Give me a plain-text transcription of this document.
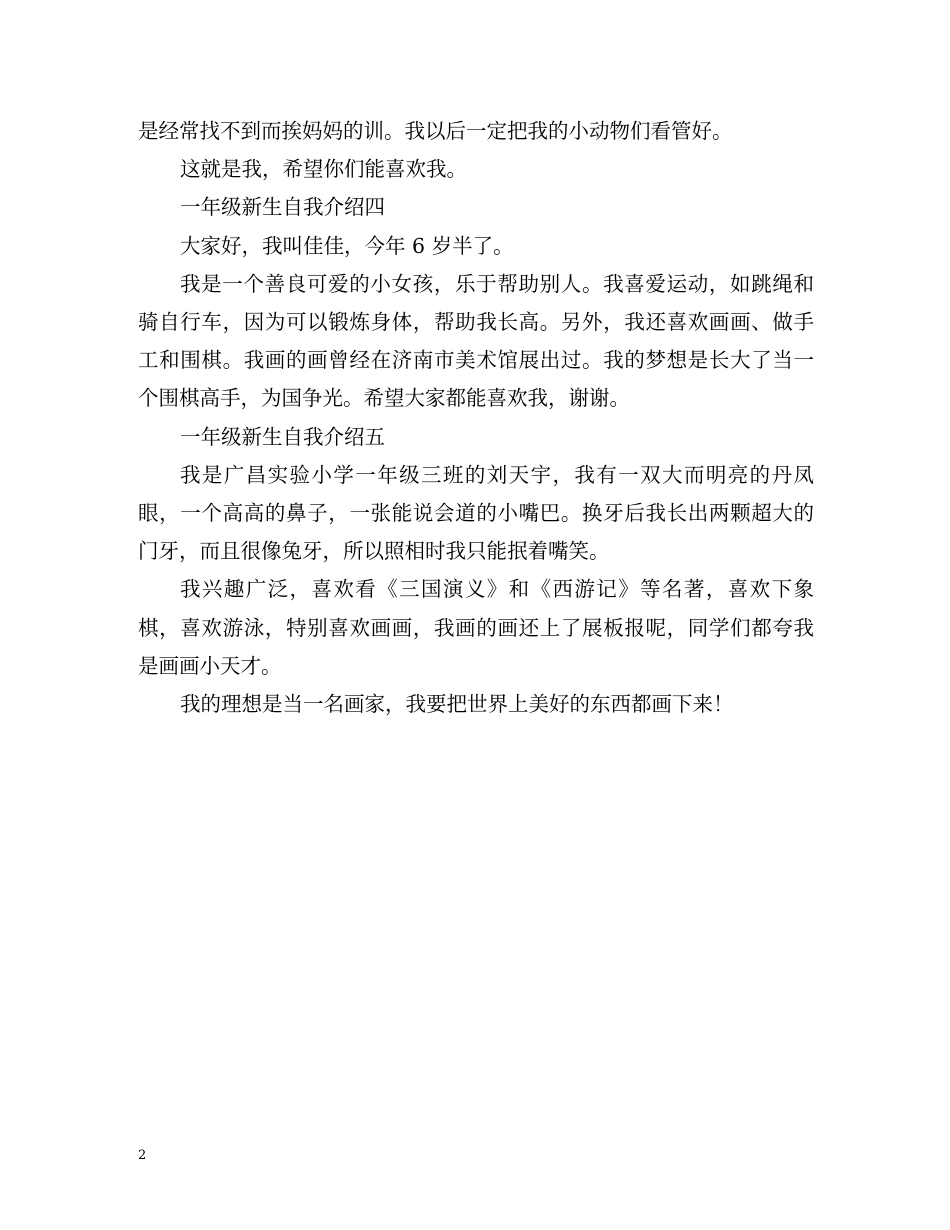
是经常找不到而挨妈妈的训。我以后一定把我的小动物们看管好。

这就是我，希望你们能喜欢我。

一年级新生自我介绍四

大家好，我叫佳佳，今年 6 岁半了。

我是一个善良可爱的小女孩，乐于帮助别人。我喜爱运动，如跳绳和骑自行车，因为可以锻炼身体，帮助我长高。另外，我还喜欢画画、做手工和围棋。我画的画曾经在济南市美术馆展出过。我的梦想是长大了当一个围棋高手，为国争光。希望大家都能喜欢我，谢谢。

一年级新生自我介绍五

我是广昌实验小学一年级三班的刘天宇，我有一双大而明亮的丹凤眼，一个高高的鼻子，一张能说会道的小嘴巴。换牙后我长出两颗超大的门牙，而且很像兔牙，所以照相时我只能抿着嘴笑。

我兴趣广泛，喜欢看《三国演义》和《西游记》等名著，喜欢下象棋，喜欢游泳，特别喜欢画画，我画的画还上了展板报呢，同学们都夸我是画画小天才。

我的理想是当一名画家，我要把世界上美好的东西都画下来！

2
